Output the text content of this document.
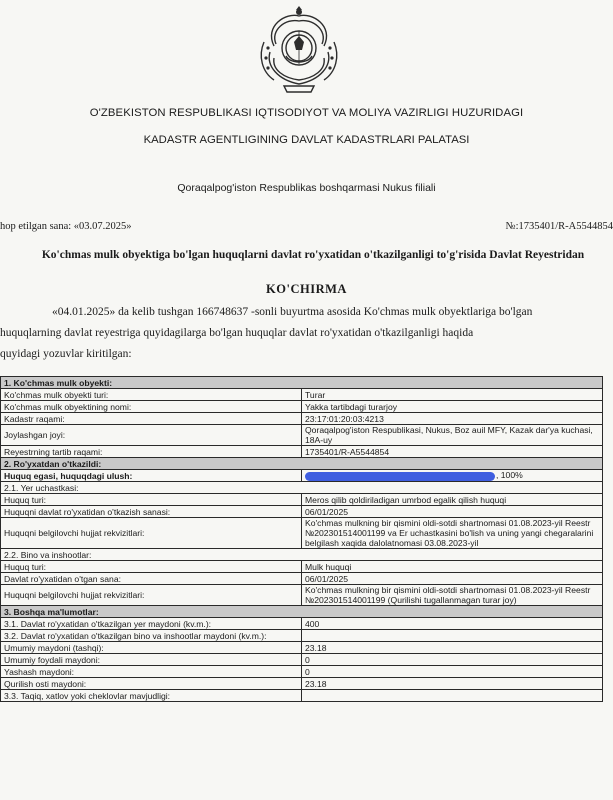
O'ZBEKISTON RESPUBLIKASI IQTISODIYOT VA MOLIYA VAZIRLIGI HUZURIDAGI
KADASTR AGENTLIGINING DAVLAT KADASTRLARI PALATASI
Qoraqalpog'iston Respublikas boshqarmasi Nukus filiali
hop etilgan sana: «03.07.2025»	№:1735401/R-A5544854
Ko'chmas mulk obyektiga bo'lgan huquqlarni davlat ro'yxatidan o'tkazilganligi to'g'risida Davlat Reyestridan
KO'CHIRMA
«04.01.2025» da kelib tushgan 166748637 -sonli buyurtma asosida Ko'chmas mulk obyektlariga bo'lgan
huquqlarning davlat reyestriga quyidagilarga bo'lgan huquqlar davlat ro'yxatidan o'tkazilganligi haqida
quyidagi yozuvlar kiritilgan:
1. Ko'chmas mulk obyekti:	
Ko'chmas mulk obyekti turi:	Turar
Ko'chmas mulk obyektining nomi:	Yakka tartibdagi turarjoy
Kadastr raqami:	23:17:01:20:03:4213
Joylashgan joyi:	Qoraqalpog'iston Respublikasi, Nukus, Boz auil MFY, Kazak dar'ya kuchasi, 18A-uy
Reyestrning tartib raqami:	1735401/R-A5544854
2. Ro'yxatdan o'tkazildi:	
Huquq egasi, huquqdagi ulush:	, 100%
2.1. Yer uchastkasi:	
Huquq turi:	Meros qilib qoldiriladigan umrbod egalik qilish huquqi
Huquqni davlat ro'yxatidan o'tkazish sanasi:	06/01/2025
Huquqni belgilovchi hujjat rekvizitlari:	Ko'chmas mulkning bir qismini oldi-sotdi shartnomasi 01.08.2023-yil Reestr №202301514001199 va Er uchastkasini bo'lish va uning yangi chegaralarini belgilash xaqida dalolatnomasi 03.08.2023-yil
2.2. Bino va inshootlar:	
Huquq turi:	Mulk huquqi
Davlat ro'yxatidan o'tgan sana:	06/01/2025
Huquqni belgilovchi hujjat rekvizitlari:	Ko'chmas mulkning bir qismini oldi-sotdi shartnomasi 01.08.2023-yil Reestr №202301514001199 (Qurilishi tugallanmagan turar joy)
3. Boshqa ma'lumotlar:	
3.1. Davlat ro'yxatidan o'tkazilgan yer maydoni (kv.m.):	400
3.2. Davlat ro'yxatidan o'tkazilgan bino va inshootlar maydoni (kv.m.):	
Umumiy maydoni (tashqi):	23.18
Umumiy foydali maydoni:	0
Yashash maydoni:	0
Qurilish osti maydoni:	23.18
3.3. Taqiq, xatlov yoki cheklovlar mavjudligi:	
